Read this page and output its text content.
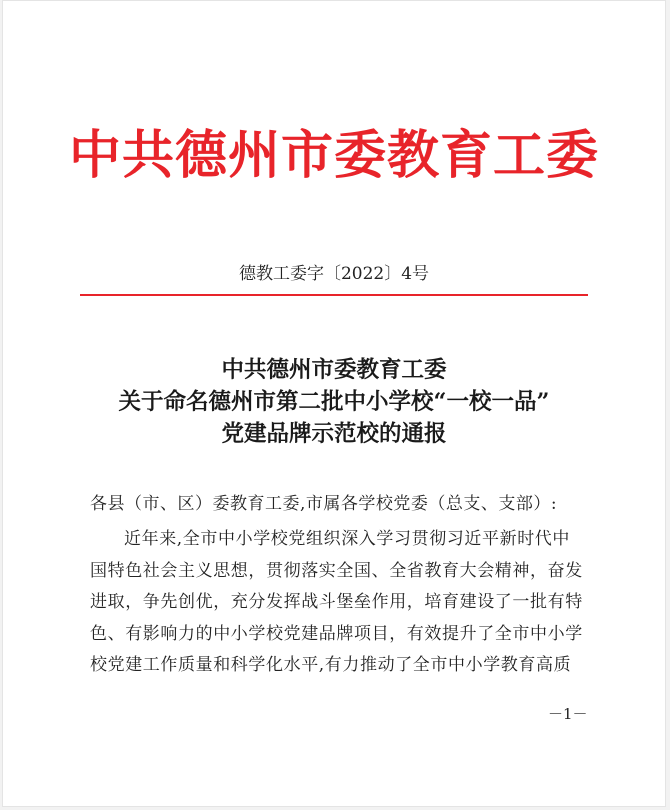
中共德州市委教育工委
德教工委字〔2022〕4号
中共德州市委教育工委
关于命名德州市第二批中小学校“一校一品”
党建品牌示范校的通报
各县（市、区）委教育工委,市属各学校党委（总支、支部）:
近年来,全市中小学校党组织深入学习贯彻习近平新时代中
国特色社会主义思想，贯彻落实全国、全省教育大会精神，奋发
进取，争先创优，充分发挥战斗堡垒作用，培育建设了一批有特
色、有影响力的中小学校党建品牌项目，有效提升了全市中小学
校党建工作质量和科学化水平,有力推动了全市中小学教育高质
－1－
